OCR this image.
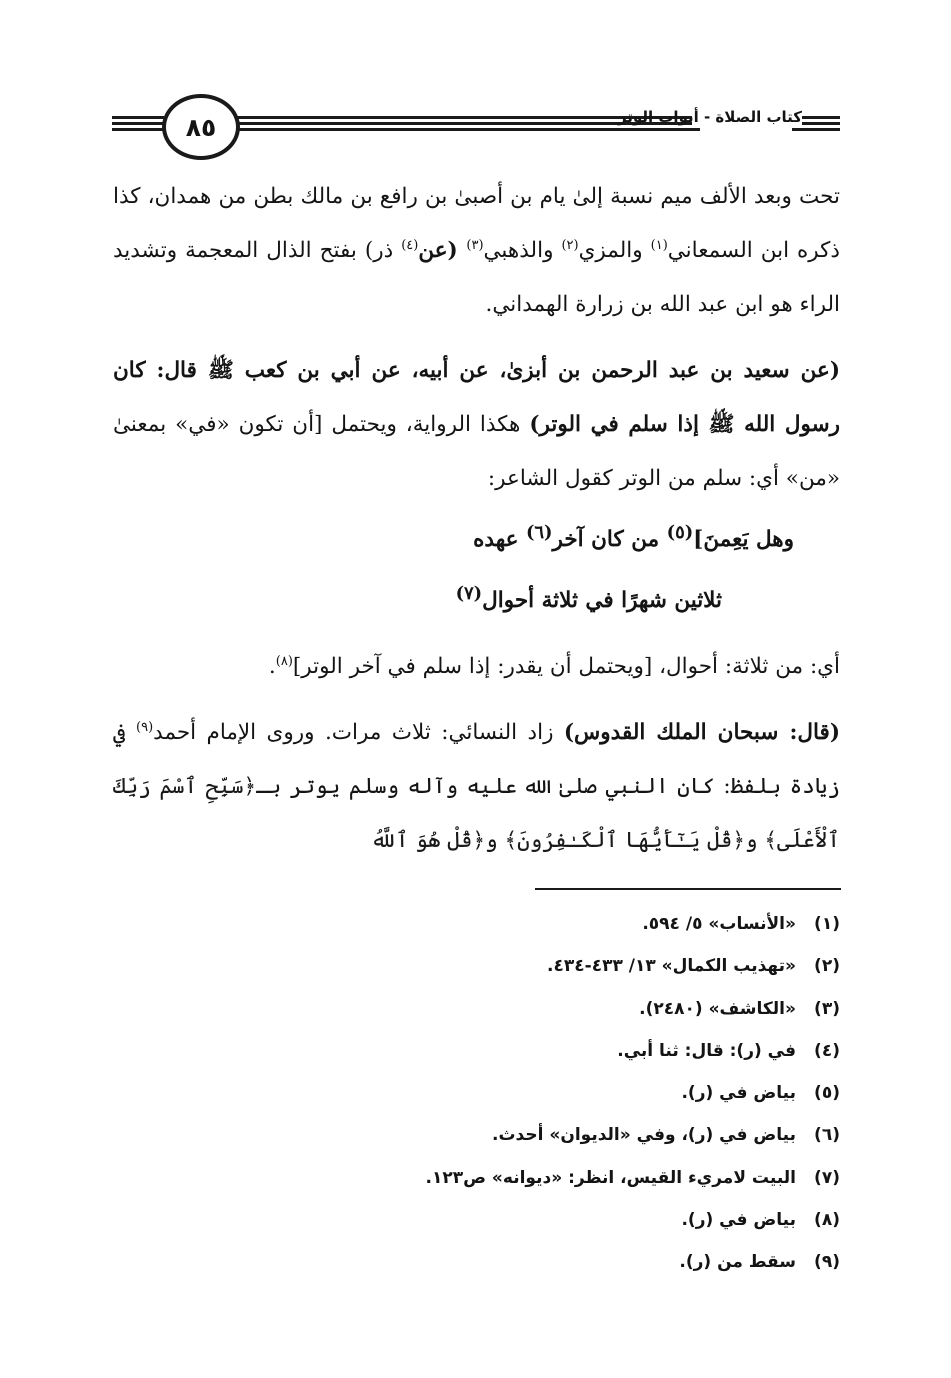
٨٥	كتاب الصلاة - أبواب الوتر

تحت وبعد الألف ميم نسبة إلىٰ يام بن أصبىٰ بن رافع بن مالك بطن من همدان، كذا ذكره ابن السمعاني$^{(١)}$ والمزي$^{(٢)}$ والذهبي$^{(٣)}$ (عن$^{(٤)}$ ذر) بفتح الذال المعجمة وتشديد الراء هو ابن عبد الله بن زرارة الهمداني.

(عن سعيد بن عبد الرحمن بن أبزىٰ، عن أبيه، عن أبي بن كعب ﷺ قال: كان رسول الله ﷺ إذا سلم في الوتر) هكذا الرواية، ويحتمل [أن تكون «في» بمعنىٰ «من» أي: سلم من الوتر كقول الشاعر:

وهل يَعِمنَ]$^{(٥)}$ من كان آخر$^{(٦)}$ عهده

ثلاثين شهرًا في ثلاثة أحوال$^{(٧)}$

أي: من ثلاثة: أحوال، [ويحتمل أن يقدر: إذا سلم في آخر الوتر]$^{(٨)}$.

(قال: سبحان الملك القدوس) زاد النسائي: ثلاث مرات. وروى الإمام أحمد$^{(٩)}$ في زيادة بلفظ: كان النبي صلىٰ الله عليه وآله وسلم يوتر بـ﴿سَبِّحِ ٱسْمَ رَبِّكَ ٱلْأَعْلَى﴾ و﴿قُلْ يَـٰٓأَيُّهَا ٱلْكَـٰفِرُونَ﴾ و﴿قُلْ هُوَ ٱللَّهُ

(١)«الأنساب» ٥/ ٥٩٤.
(٢)«تهذيب الكمال» ١٣/ ٤٣٣-٤٣٤.
(٣)«الكاشف» (٢٤٨٠).
(٤)في (ر): قال: ثنا أبي.
(٥)بياض في (ر).
(٦)بياض في (ر)، وفي «الديوان» أحدث.
(٧)البيت لامريء القيس، انظر: «ديوانه» ص١٢٣.
(٨)بياض في (ر).
(٩)سقط من (ر).
